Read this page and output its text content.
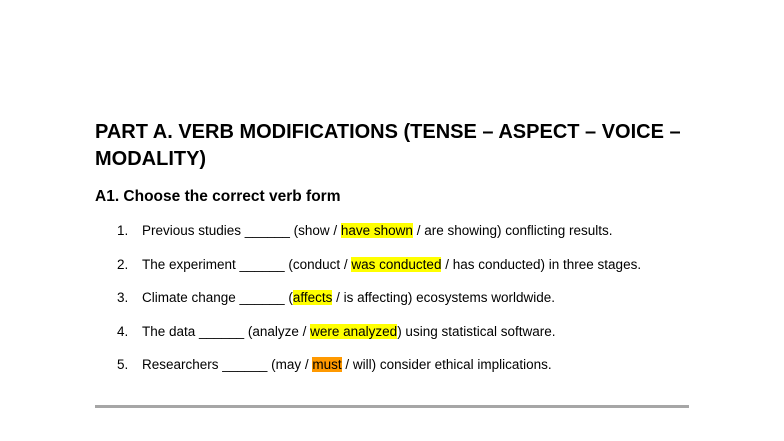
PART A. VERB MODIFICATIONS (TENSE – ASPECT – VOICE – MODALITY)
A1. Choose the correct verb form
1.	Previous studies ______ (show / have shown / are showing) conflicting results.
2.	The experiment ______ (conduct / was conducted / has conducted) in three stages.
3.	Climate change ______ (affects / is affecting) ecosystems worldwide.
4.	The data ______ (analyze / were analyzed) using statistical software.
5.	Researchers ______ (may / must / will) consider ethical implications.
